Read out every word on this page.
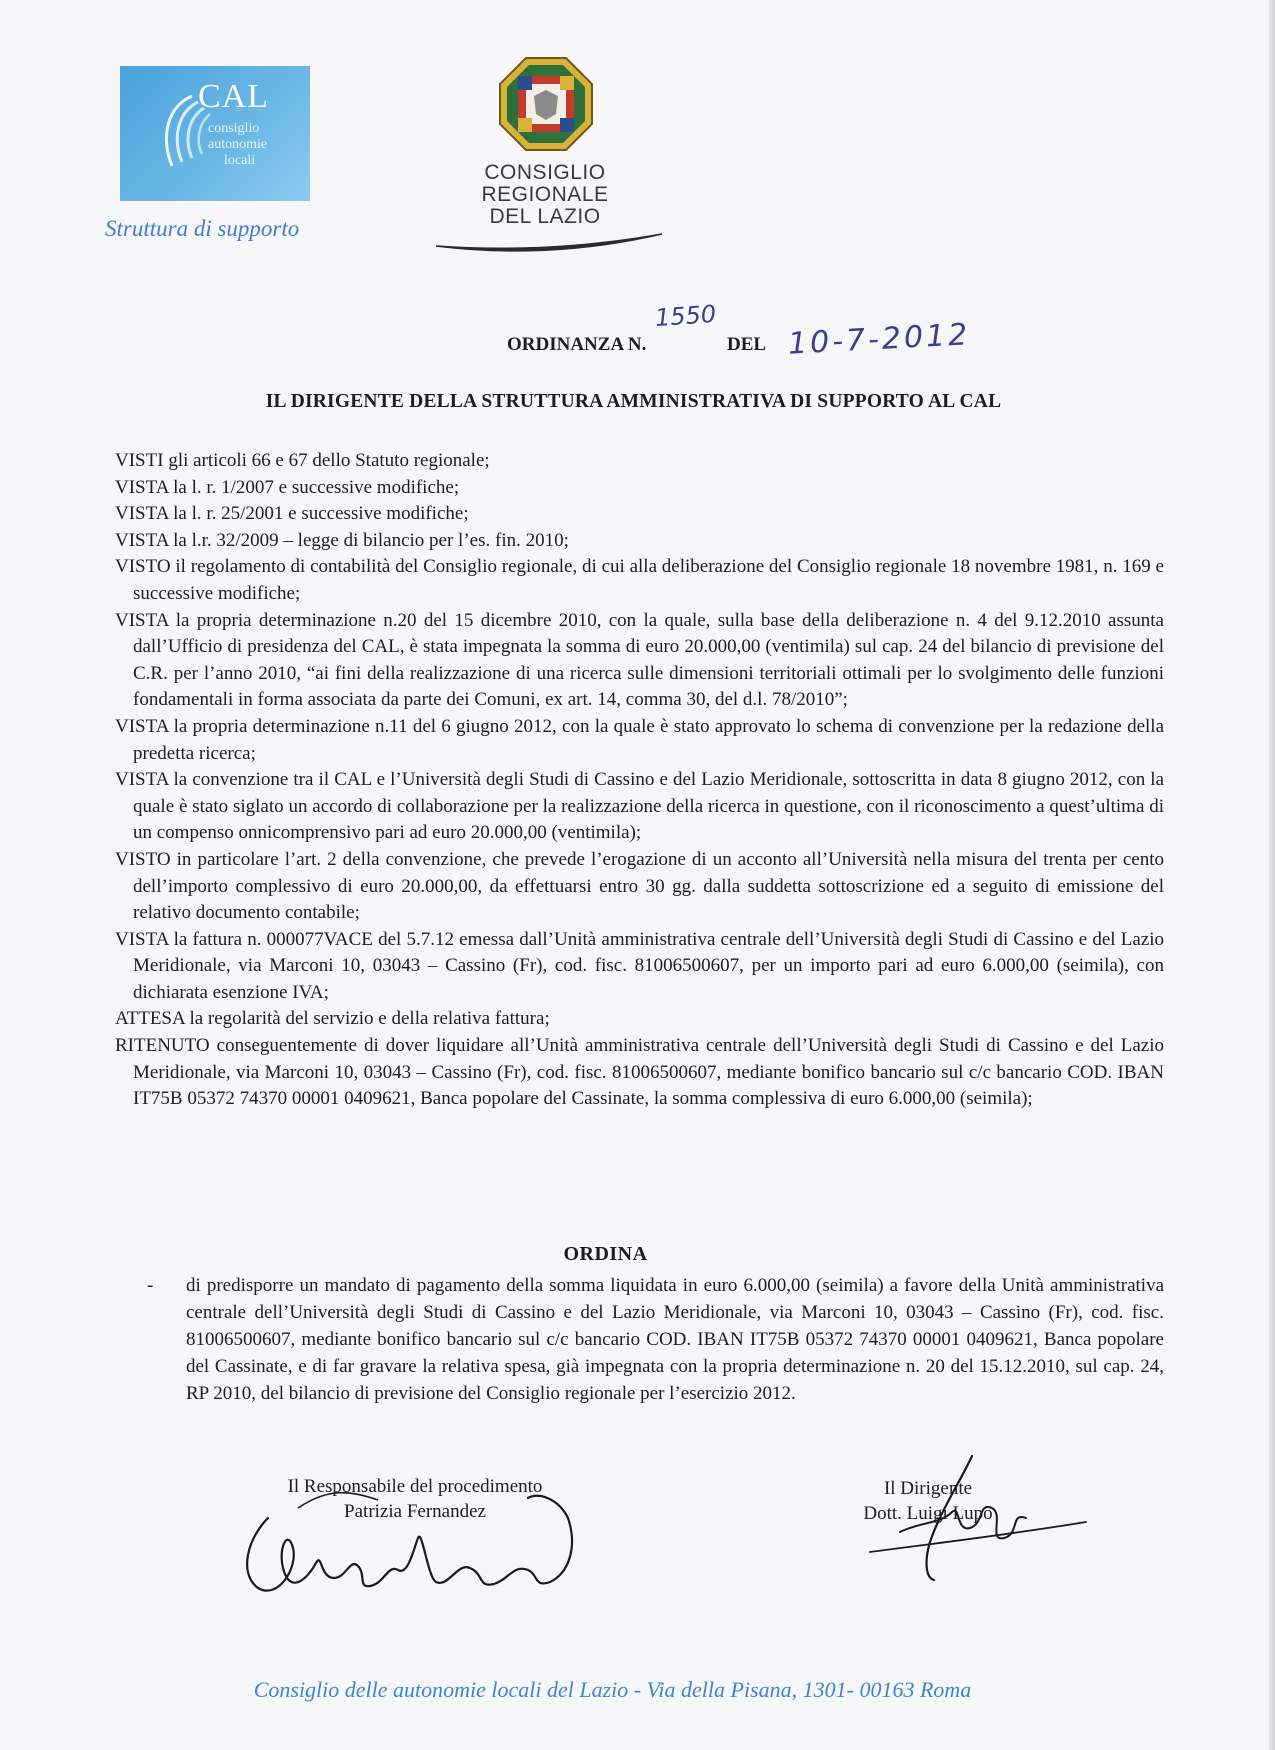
CAL
consiglio
autonomie
locali
Struttura di supporto
CONSIGLIO
REGIONALE
DEL LAZIO
1550
ORDINANZA N.	DEL 10-7-2012
IL DIRIGENTE DELLA STRUTTURA AMMINISTRATIVA DI SUPPORTO AL CAL

VISTI gli articoli 66 e 67 dello Statuto regionale;

VISTA la l. r. 1/2007 e successive modifiche;

VISTA la l. r. 25/2001 e successive modifiche;

VISTA la l.r. 32/2009 – legge di bilancio per l’es. fin. 2010;

VISTO il regolamento di contabilità del Consiglio regionale, di cui alla deliberazione del Consiglio regionale 18 novembre 1981, n. 169 e successive modifiche;

VISTA la propria determinazione n.20 del 15 dicembre 2010, con la quale, sulla base della deliberazione n. 4 del 9.12.2010 assunta dall’Ufficio di presidenza del CAL, è stata impegnata la somma di euro 20.000,00 (ventimila) sul cap. 24 del bilancio di previsione del C.R. per l’anno 2010, “ai fini della realizzazione di una ricerca sulle dimensioni territoriali ottimali per lo svolgimento delle funzioni fondamentali in forma associata da parte dei Comuni, ex art. 14, comma 30, del d.l. 78/2010”;

VISTA la propria determinazione n.11 del 6 giugno 2012, con la quale è stato approvato lo schema di convenzione per la redazione della predetta ricerca;

VISTA la convenzione tra il CAL e l’Università degli Studi di Cassino e del Lazio Meridionale, sottoscritta in data 8 giugno 2012, con la quale è stato siglato un accordo di collaborazione per la realizzazione della ricerca in questione, con il riconoscimento a quest’ultima di un compenso onnicomprensivo pari ad euro 20.000,00 (ventimila);

VISTO in particolare l’art. 2 della convenzione, che prevede l’erogazione di un acconto all’Università nella misura del trenta per cento dell’importo complessivo di euro 20.000,00, da effettuarsi entro 30 gg. dalla suddetta sottoscrizione ed a seguito di emissione del relativo documento contabile;

VISTA la fattura n. 000077VACE del 5.7.12 emessa dall’Unità amministrativa centrale dell’Università degli Studi di Cassino e del Lazio Meridionale, via Marconi 10, 03043 – Cassino (Fr), cod. fisc. 81006500607, per un importo pari ad euro 6.000,00 (seimila), con dichiarata esenzione IVA;

ATTESA la regolarità del servizio e della relativa fattura;

RITENUTO conseguentemente di dover liquidare all’Unità amministrativa centrale dell’Università degli Studi di Cassino e del Lazio Meridionale, via Marconi 10, 03043 – Cassino (Fr), cod. fisc. 81006500607, mediante bonifico bancario sul c/c bancario COD. IBAN IT75B 05372 74370 00001 0409621, Banca popolare del Cassinate, la somma complessiva di euro 6.000,00 (seimila);

ORDINA
- di predisporre un mandato di pagamento della somma liquidata in euro 6.000,00 (seimila) a favore della Unità amministrativa centrale dell’Università degli Studi di Cassino e del Lazio Meridionale, via Marconi 10, 03043 – Cassino (Fr), cod. fisc. 81006500607, mediante bonifico bancario sul c/c bancario COD. IBAN IT75B 05372 74370 00001 0409621, Banca popolare del Cassinate, e di far gravare la relativa spesa, già impegnata con la propria determinazione n. 20 del 15.12.2010, sul cap. 24, RP 2010, del bilancio di previsione del Consiglio regionale per l’esercizio 2012.
Il Responsabile del procedimento
Patrizia Fernandez
Il Dirigente
Dott. Luigi Lupo
Consiglio delle autonomie locali del Lazio - Via della Pisana, 1301- 00163 Roma
